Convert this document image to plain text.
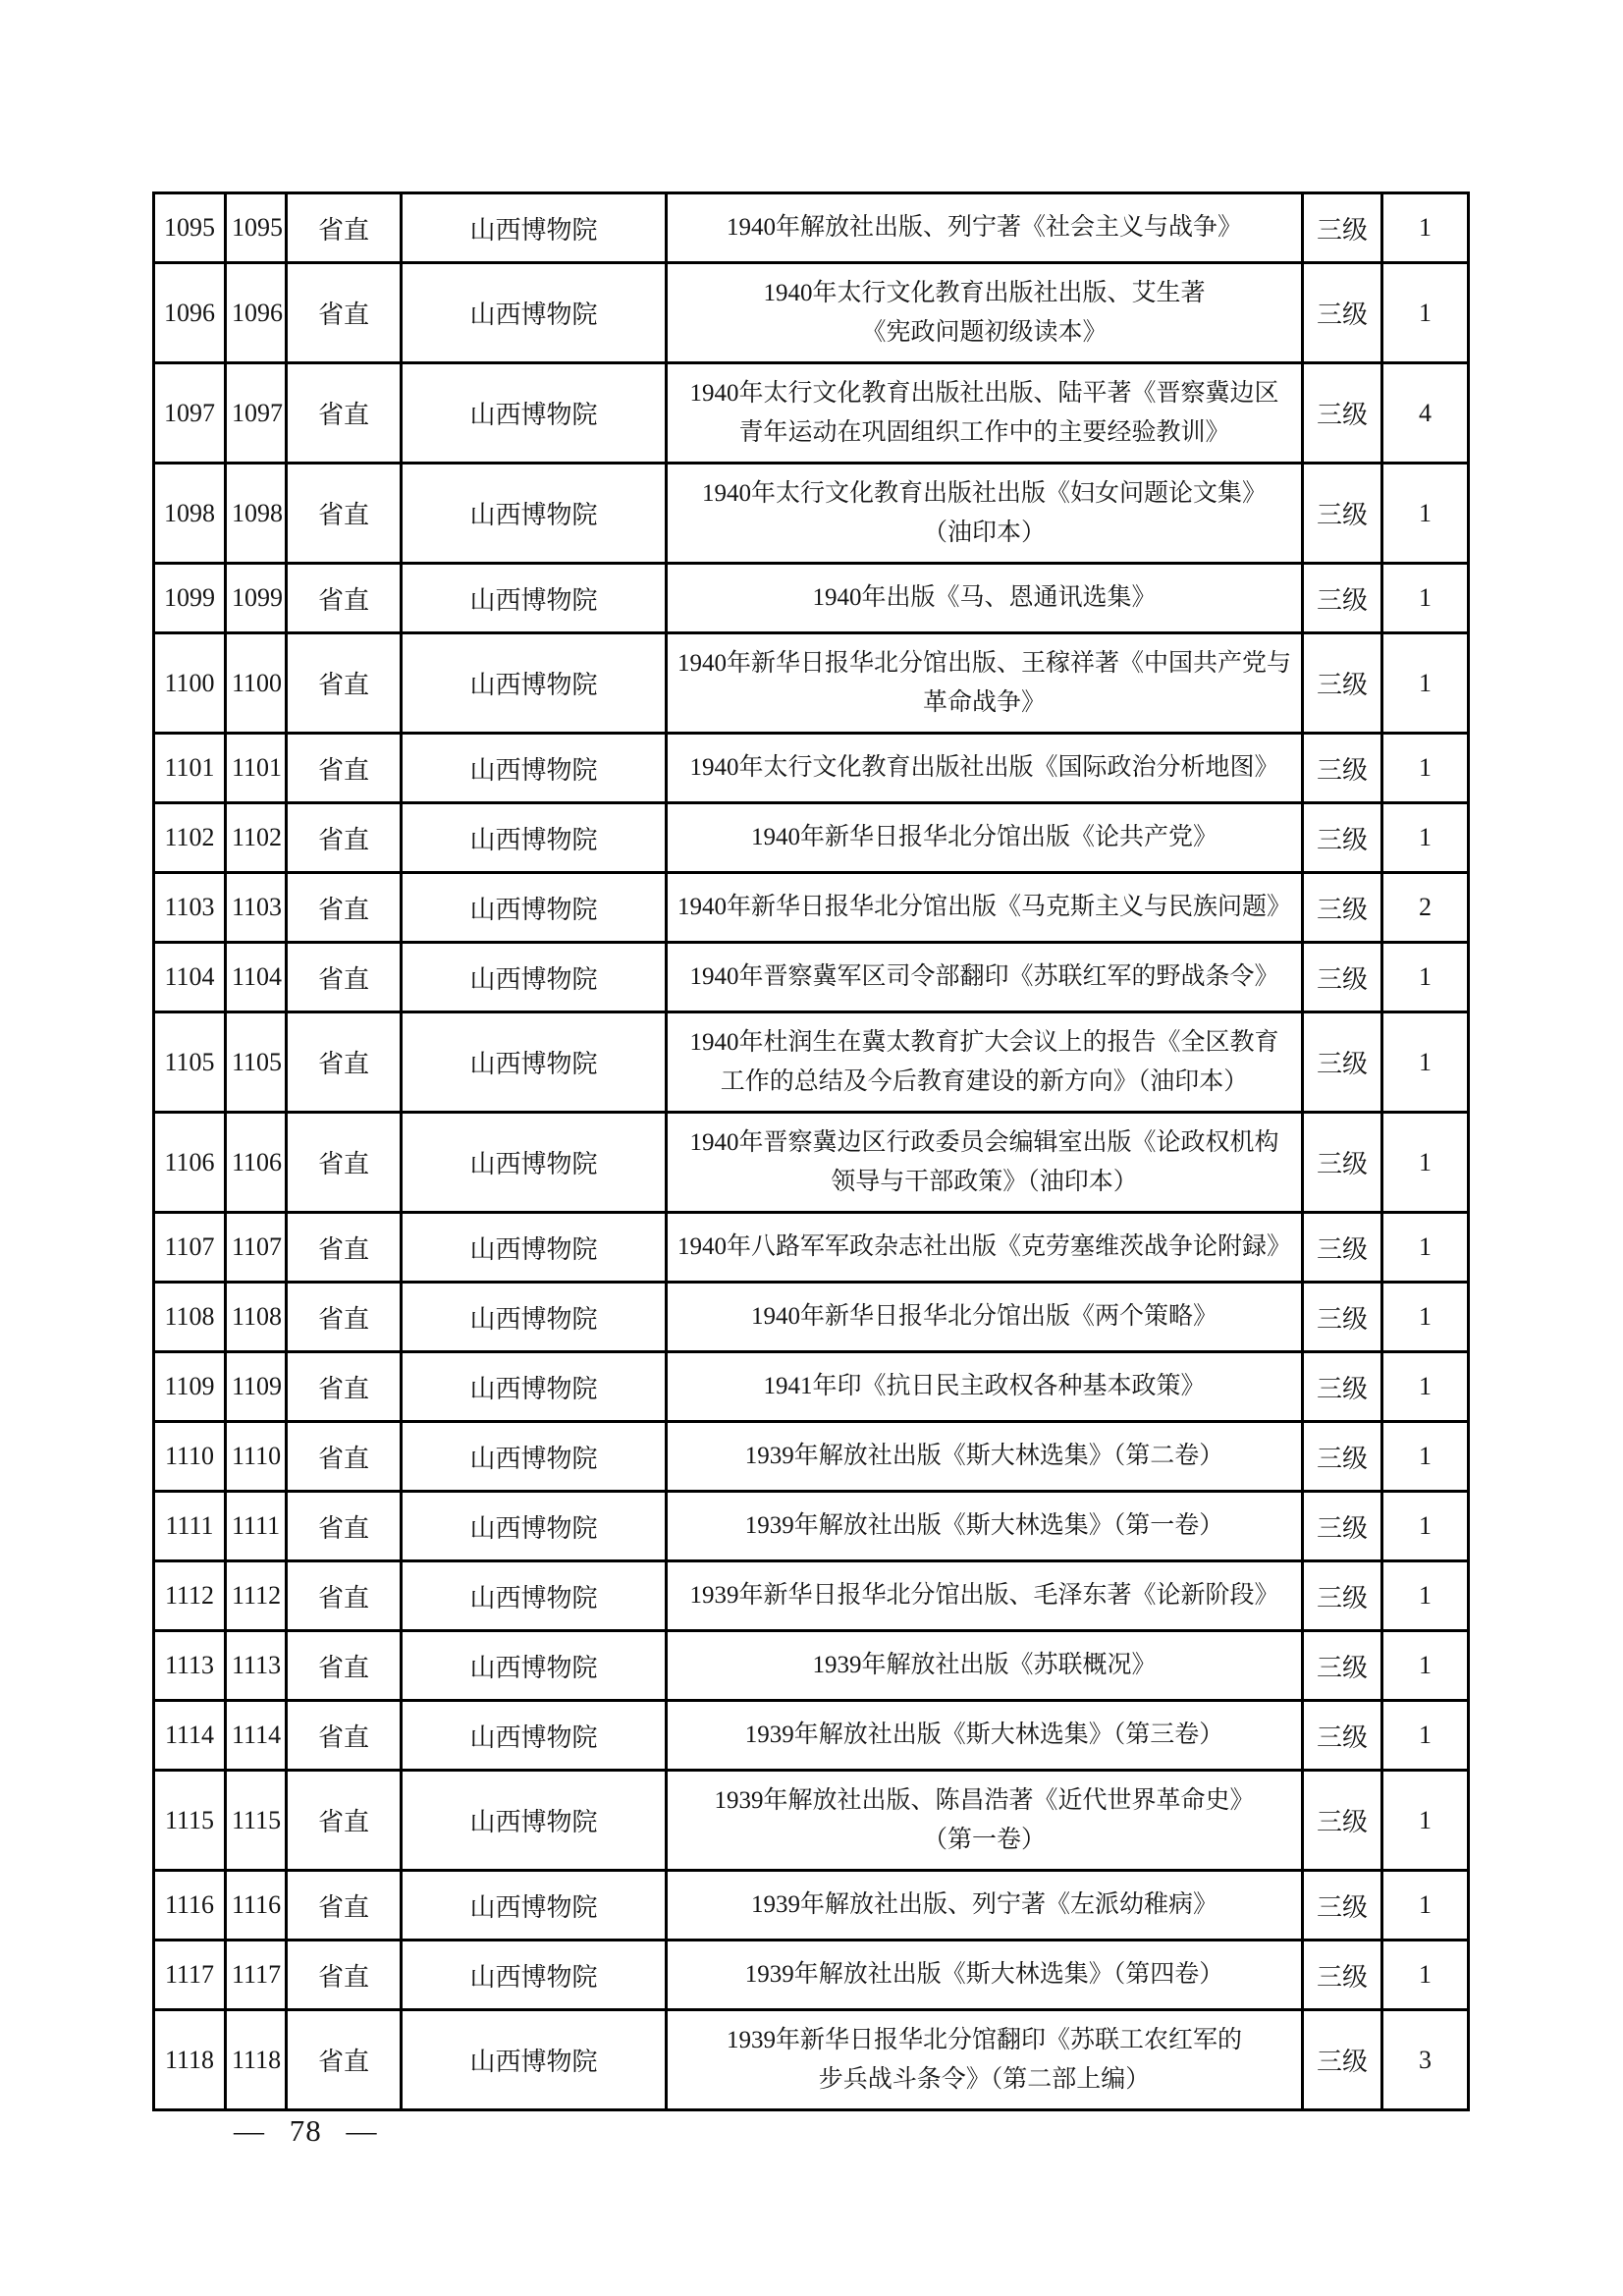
1095	1095	省直	山西博物院	1940年解放社出版、列宁著《社会主义与战争》	三级	1
1096	1096	省直	山西博物院	1940年太行文化教育出版社出版、艾生著
《宪政问题初级读本》	三级	1
1097	1097	省直	山西博物院	1940年太行文化教育出版社出版、陆平著《晋察冀边区
青年运动在巩固组织工作中的主要经验教训》	三级	4
1098	1098	省直	山西博物院	1940年太行文化教育出版社出版《妇女问题论文集》
（油印本）	三级	1
1099	1099	省直	山西博物院	1940年出版《马、恩通讯选集》	三级	1
1100	1100	省直	山西博物院	1940年新华日报华北分馆出版、王稼祥著《中国共产党与
革命战争》	三级	1
1101	1101	省直	山西博物院	1940年太行文化教育出版社出版《国际政治分析地图》	三级	1
1102	1102	省直	山西博物院	1940年新华日报华北分馆出版《论共产党》	三级	1
1103	1103	省直	山西博物院	1940年新华日报华北分馆出版《马克斯主义与民族问题》	三级	2
1104	1104	省直	山西博物院	1940年晋察冀军区司令部翻印《苏联红军的野战条令》	三级	1
1105	1105	省直	山西博物院	1940年杜润生在冀太教育扩大会议上的报告《全区教育
工作的总结及今后教育建设的新方向》（油印本）	三级	1
1106	1106	省直	山西博物院	1940年晋察冀边区行政委员会编辑室出版《论政权机构
领导与干部政策》（油印本）	三级	1
1107	1107	省直	山西博物院	1940年八路军军政杂志社出版《克劳塞维茨战争论附録》	三级	1
1108	1108	省直	山西博物院	1940年新华日报华北分馆出版《两个策略》	三级	1
1109	1109	省直	山西博物院	1941年印《抗日民主政权各种基本政策》	三级	1
1110	1110	省直	山西博物院	1939年解放社出版《斯大林选集》（第二卷）	三级	1
1111	1111	省直	山西博物院	1939年解放社出版《斯大林选集》（第一卷）	三级	1
1112	1112	省直	山西博物院	1939年新华日报华北分馆出版、毛泽东著《论新阶段》	三级	1
1113	1113	省直	山西博物院	1939年解放社出版《苏联概况》	三级	1
1114	1114	省直	山西博物院	1939年解放社出版《斯大林选集》（第三卷）	三级	1
1115	1115	省直	山西博物院	1939年解放社出版、陈昌浩著《近代世界革命史》
（第一卷）	三级	1
1116	1116	省直	山西博物院	1939年解放社出版、列宁著《左派幼稚病》	三级	1
1117	1117	省直	山西博物院	1939年解放社出版《斯大林选集》（第四卷）	三级	1
1118	1118	省直	山西博物院	1939年新华日报华北分馆翻印《苏联工农红军的
步兵战斗条令》（第二部上编）	三级	3
— 78 —
